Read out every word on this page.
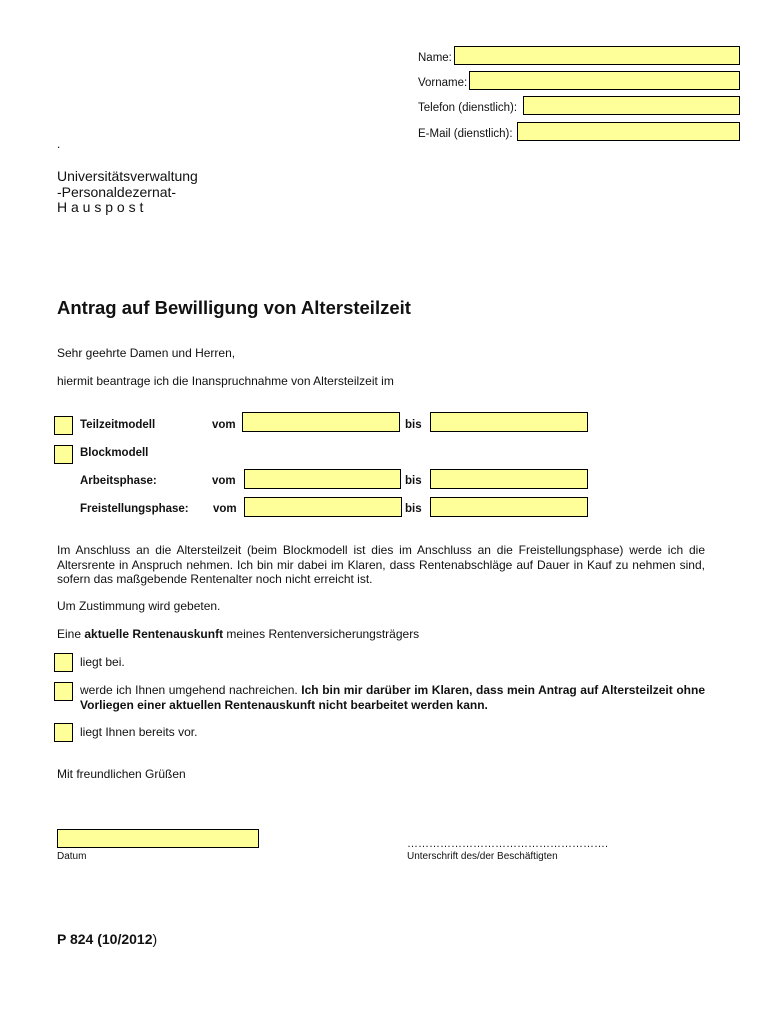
Name:
Vorname:
Telefon (dienstlich):
E-Mail (dienstlich):
.
Universitätsverwaltung
-Personaldezernat-
H a u s p o s t
Antrag auf Bewilligung von Altersteilzeit
Sehr geehrte Damen und Herren,
hiermit beantrage ich die Inanspruchnahme von Altersteilzeit im
Teilzeitmodell	vom	bis
Blockmodell
Arbeitsphase:	vom	bis
Freistellungsphase: vom	bis
Im Anschluss an die Altersteilzeit (beim Blockmodell ist dies im Anschluss an die Freistellungsphase) werde ich die Altersrente in Anspruch nehmen. Ich bin mir dabei im Klaren, dass Rentenabschläge auf Dauer in Kauf zu nehmen sind, sofern das maßgebende Rentenalter noch nicht erreicht ist.
Um Zustimmung wird gebeten.
Eine aktuelle Rentenauskunft meines Rentenversicherungsträgers
liegt bei.
werde ich Ihnen umgehend nachreichen. Ich bin mir darüber im Klaren, dass mein Antrag auf Altersteilzeit ohne Vorliegen einer aktuellen Rentenauskunft nicht bearbeitet werden kann.
liegt Ihnen bereits vor.
Mit freundlichen Grüßen
Datum
……………………………………………….
Unterschrift des/der Beschäftigten
P 824 (10/2012)
